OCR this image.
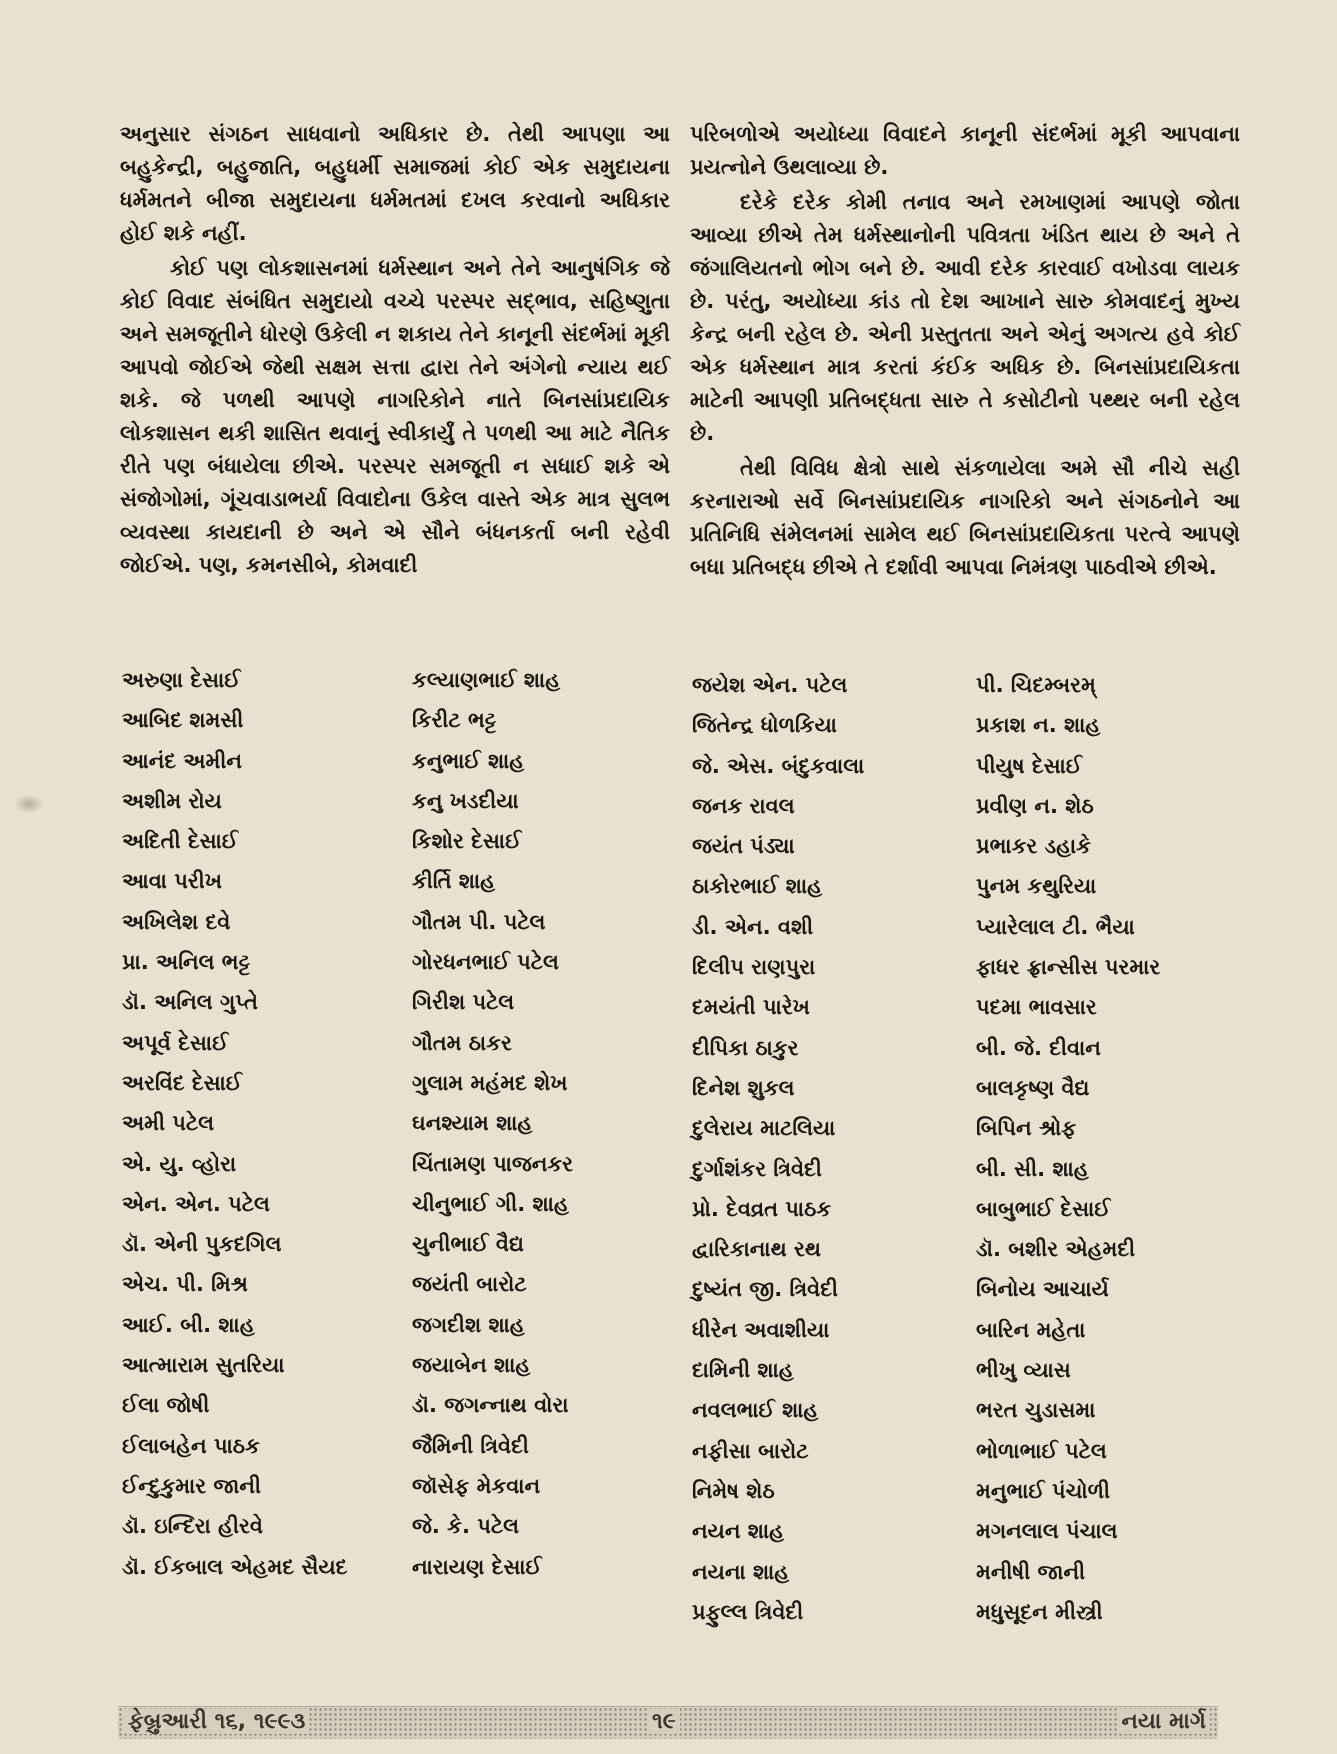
અનુસાર સંગઠન સાધવાનો અધિકાર છે. તેથી આપણા આ બહુકેન્દ્રી, બહુજાતિ, બહુધર્મી સમાજમાં કોઈ એક સમુદાયના ધર્મમતને બીજા સમુદાયના ધર્મમતમાં દખલ કરવાનો અધિકાર હોઈ શકે નહીં.

કોઈ પણ લોકશાસનમાં ધર્મસ્થાન અને તેને આનુષંગિક જે કોઈ વિવાદ સંબંધિત સમુદાયો વચ્ચે પરસ્પર સદ્ભાવ, સહિષ્ણુતા અને સમજૂતીને ધોરણે ઉકેલી ન શકાય તેને કાનૂની સંદર્ભમાં મૂકી આપવો જોઈએ જેથી સક્ષમ સત્તા દ્વારા તેને અંગેનો ન્યાય થઈ શકે. જે પળથી આપણે નાગરિકોને નાતે બિનસાંપ્રદાયિક લોકશાસન થકી શાસિત થવાનું સ્વીકાર્યું તે પળથી આ માટે નૈતિક રીતે પણ બંધાયેલા છીએ. પરસ્પર સમજૂતી ન સધાઈ શકે એ સંજોગોમાં, ગૂંચવાડાભર્યા વિવાદોના ઉકેલ વાસ્તે એક માત્ર સુલભ વ્યવસ્થા કાયદાની છે અને એ સૌને બંધનકર્તા બની રહેવી જોઈએ. પણ, કમનસીબે, કોમવાદી

પરિબળોએ અયોધ્યા વિવાદને કાનૂની સંદર્ભમાં મૂકી આપવાના પ્રયત્નોને ઉથલાવ્યા છે.

દરેકે દરેક કોમી તનાવ અને રમખાણમાં આપણે જોતા આવ્યા છીએ તેમ ધર્મસ્થાનોની પવિત્રતા ખંડિત થાય છે અને તે જંગાલિયતનો ભોગ બને છે. આવી દરેક કારવાઈ વખોડવા લાયક છે. પરંતુ, અયોધ્યા કાંડ તો દેશ આખાને સારુ કોમવાદનું મુખ્ય કેન્દ્ર બની રહેલ છે. એની પ્રસ્તુતતા અને એનું અગત્ય હવે કોઈ એક ધર્મસ્થાન માત્ર કરતાં કંઈક અધિક છે. બિનસાંપ્રદાયિકતા માટેની આપણી પ્રતિબદ્ધતા સારુ તે કસોટીનો પથ્થર બની રહેલ છે.

તેથી વિવિધ ક્ષેત્રો સાથે સંકળાયેલા અમે સૌ નીચે સહી કરનારાઓ સર્વે બિનસાંપ્રદાયિક નાગરિકો અને સંગઠનોને આ પ્રતિનિધિ સંમેલનમાં સામેલ થઈ બિનસાંપ્રદાયિકતા પરત્વે આપણે બધા પ્રતિબદ્ધ છીએ તે દર્શાવી આપવા નિમંત્રણ પાઠવીએ છીએ.

અરુણા દેસાઈ
આબિદ શમસી
આનંદ અમીન
અશીમ રોય
અદિતી દેસાઈ
આવા પરીખ
અખિલેશ દવે
પ્રા. અનિલ ભટ્ટ
ડૉ. અનિલ ગુપ્તે
અપૂર્વ દેસાઈ
અરવિંદ દેસાઈ
અમી પટેલ
એ. યુ. વ્હોરા
એન. એન. પટેલ
ડૉ. એની પુકદગિલ
એચ. પી. મિશ્ર
આઈ. બી. શાહ
આત્મારામ સુતરિયા
ઈલા જોષી
ઈલાબહેન પાઠક
ઈન્દુકુમાર જાની
ડૉ. ઇન્દિરા હીરવે
ડૉ. ઈકબાલ એહમદ સૈયદ
કલ્યાણભાઈ શાહ
કિરીટ ભટ્ટ
કનુભાઈ શાહ
કનુ ખડદીયા
કિશોર દેસાઈ
કીર્તિ શાહ
ગૌતમ પી. પટેલ
ગોરધનભાઈ પટેલ
ગિરીશ પટેલ
ગૌતમ ઠાકર
ગુલામ મહંમદ શેખ
ઘનશ્યામ શાહ
ચિંતામણ પાજનકર
ચીનુભાઈ ગી. શાહ
ચુનીભાઈ વૈદ્ય
જયંતી બારોટ
જગદીશ શાહ
જયાબેન શાહ
ડૉ. જગન્નાથ વોરા
જૈમિની ત્રિવેદી
જૉસેફ મેકવાન
જે. કે. પટેલ
નારાયણ દેસાઈ
જયેશ એન. પટેલ
જિતેન્દ્ર ધોળકિયા
જે. એસ. બંદુકવાલા
જનક રાવલ
જયંત પંડ્યા
ઠાકોરભાઈ શાહ
ડી. એન. વશી
દિલીપ રાણપુરા
દમયંતી પારેખ
દીપિકા ઠાકુર
દિનેશ શુકલ
દુલેરાય માટલિયા
દુર્ગાશંકર ત્રિવેદી
પ્રો. દેવવ્રત પાઠક
દ્વારિકાનાથ રથ
દુષ્યંત જી. ત્રિવેદી
ધીરેન અવાશીયા
દામિની શાહ
નવલભાઈ શાહ
નફીસા બારોટ
નિમેષ શેઠ
નયન શાહ
નયના શાહ
પ્રફુલ્લ ત્રિવેદી
પી. ચિદમ્બરમ્
પ્રકાશ ન. શાહ
પીયુષ દેસાઈ
પ્રવીણ ન. શેઠ
પ્રભાકર ડહાકે
પુનમ કથુરિયા
પ્યારેલાલ ટી. ભૈયા
ફાધર ફ્રાન્સીસ પરમાર
પદમા ભાવસાર
બી. જે. દીવાન
બાલકૃષ્ણ વૈદ્ય
બિપિન શ્રોફ
બી. સી. શાહ
બાબુભાઈ દેસાઈ
ડૉ. બશીર એહમદી
બિનોય આચાર્ય
બારિન મહેતા
ભીખુ વ્યાસ
ભરત ચુડાસમા
ભોળાભાઈ પટેલ
મનુભાઈ પંચોળી
મગનલાલ પંચાલ
મનીષી જાની
મધુસૂદન મીસ્ત્રી
ફેબ્રુઆરી ૧૬, ૧૯૯૩	૧૯	નયા માર્ગ
